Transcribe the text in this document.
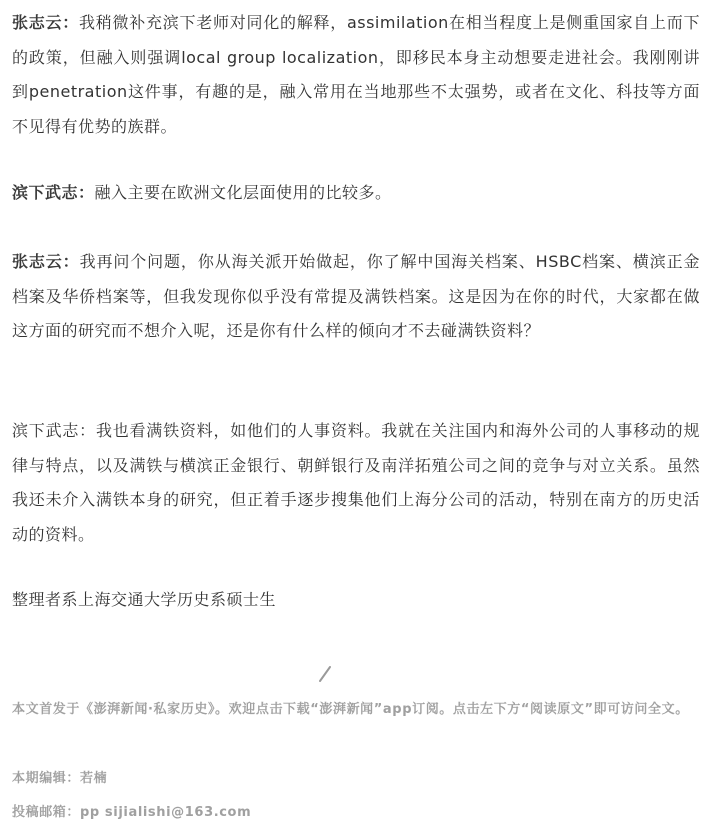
张志云：我稍微补充滨下老师对同化的解释，assimilation在相当程度上是侧重国家自上而下的政策，但融入则强调local group localization，即移民本身主动想要走进社会。我刚刚讲到penetration这件事，有趣的是，融入常用在当地那些不太强势，或者在文化、科技等方面不见得有优势的族群。

滨下武志：融入主要在欧洲文化层面使用的比较多。

张志云：我再问个问题，你从海关派开始做起，你了解中国海关档案、HSBC档案、横滨正金档案及华侨档案等，但我发现你似乎没有常提及满铁档案。这是因为在你的时代，大家都在做这方面的研究而不想介入呢，还是你有什么样的倾向才不去碰满铁资料？

滨下武志：我也看满铁资料，如他们的人事资料。我就在关注国内和海外公司的人事移动的规律与特点，以及满铁与横滨正金银行、朝鲜银行及南洋拓殖公司之间的竞争与对立关系。虽然我还未介入满铁本身的研究，但正着手逐步搜集他们上海分公司的活动，特别在南方的历史活动的资料。

整理者系上海交通大学历史系硕士生

本文首发于《澎湃新闻·私家历史》。欢迎点击下载“澎湃新闻”app订阅。点击左下方“阅读原文”即可访问全文。

本期编辑：若楠

投稿邮箱：pp sijialishi@163.com
